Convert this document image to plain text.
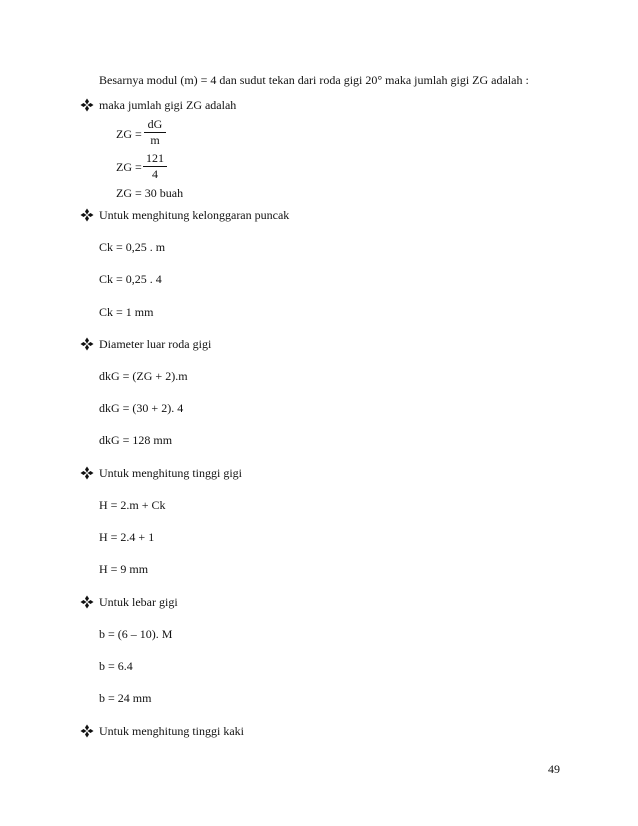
Besarnya modul (m) = 4 dan sudut tekan dari roda gigi 20° maka jumlah gigi ZG adalah :
maka jumlah gigi ZG adalah
ZG =
dG
m
ZG =
121
4
ZG = 30 buah
Untuk menghitung kelonggaran puncak
Ck = 0,25 . m
Ck = 0,25 . 4
Ck = 1 mm
Diameter luar roda gigi
dkG = (ZG + 2).m
dkG = (30 + 2). 4
dkG = 128 mm
Untuk menghitung tinggi gigi
H = 2.m + Ck
H = 2.4 + 1
H = 9 mm
Untuk lebar gigi
b = (6 – 10). M
b = 6.4
b = 24 mm
Untuk menghitung tinggi kaki
49
